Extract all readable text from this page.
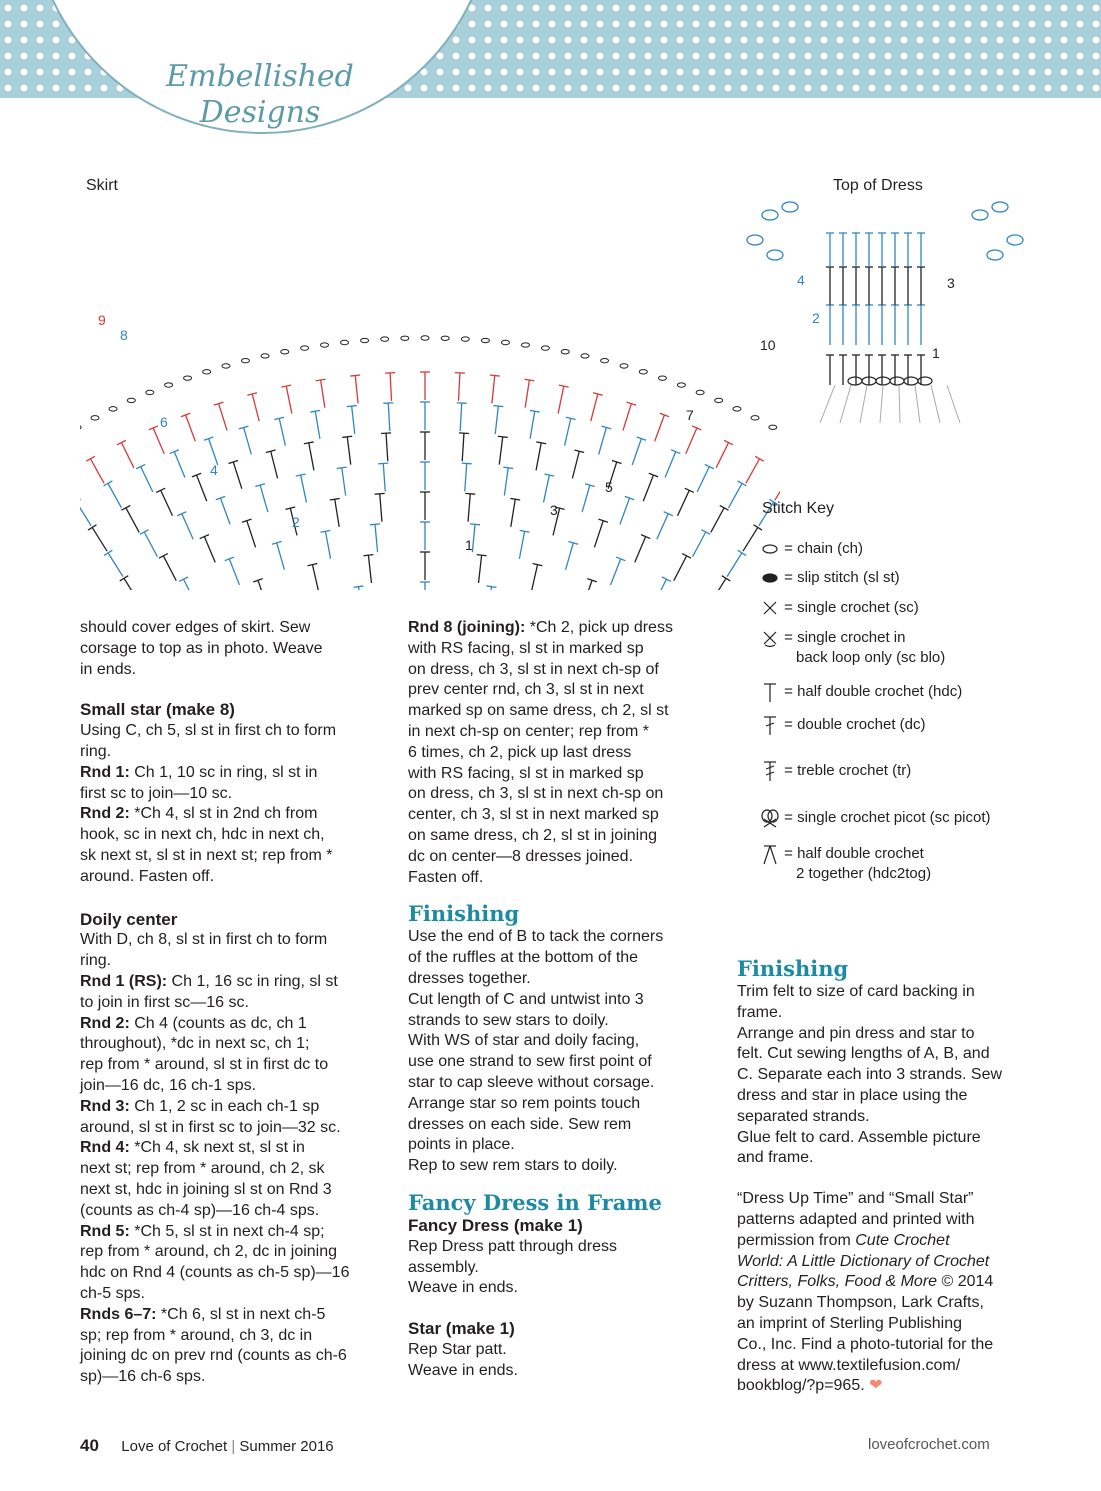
Embellished
Designs
Skirt	Top of Dress
1
2
3
4
5
6	7
8
9
10	1
2
3
4
Stitch Key
= chain (ch)
= slip stitch (sl st)
= single crochet (sc)
= single crochet in
back loop only (sc blo)
= half double crochet (hdc)
= double crochet (dc)
= treble crochet (tr)
= single crochet picot (sc picot)
= half double crochet
2 together (hdc2tog)

should cover edges of skirt. Sew

corsage to top as in photo. Weave

in ends.

Small star (make 8)

Using C, ch 5, sl st in first ch to form

ring.

Rnd 1: Ch 1, 10 sc in ring, sl st in

first sc to join—10 sc.

Rnd 2: *Ch 4, sl st in 2nd ch from

hook, sc in next ch, hdc in next ch,

sk next st, sl st in next st; rep from *

around. Fasten off.

Doily center

With D, ch 8, sl st in first ch to form

ring.

Rnd 1 (RS): Ch 1, 16 sc in ring, sl st

to join in first sc—16 sc.

Rnd 2: Ch 4 (counts as dc, ch 1

throughout), *dc in next sc, ch 1;

rep from * around, sl st in first dc to

join—16 dc, 16 ch-1 sps.

Rnd 3: Ch 1, 2 sc in each ch-1 sp

around, sl st in first sc to join—32 sc.

Rnd 4: *Ch 4, sk next st, sl st in

next st; rep from * around, ch 2, sk

next st, hdc in joining sl st on Rnd 3

(counts as ch-4 sp)—16 ch-4 sps.

Rnd 5: *Ch 5, sl st in next ch-4 sp;

rep from * around, ch 2, dc in joining

hdc on Rnd 4 (counts as ch-5 sp)—16

ch-5 sps.

Rnds 6–7: *Ch 6, sl st in next ch-5

sp; rep from * around, ch 3, dc in

joining dc on prev rnd (counts as ch-6

sp)—16 ch-6 sps.

Rnd 8 (joining): *Ch 2, pick up dress

with RS facing, sl st in marked sp

on dress, ch 3, sl st in next ch-sp of

prev center rnd, ch 3, sl st in next

marked sp on same dress, ch 2, sl st

in next ch-sp on center; rep from *

6 times, ch 2, pick up last dress

with RS facing, sl st in marked sp

on dress, ch 3, sl st in next ch-sp on

center, ch 3, sl st in next marked sp

on same dress, ch 2, sl st in joining

dc on center—8 dresses joined.

Fasten off.

Finishing

Use the end of B to tack the corners

of the ruffles at the bottom of the

dresses together.

Cut length of C and untwist into 3

strands to sew stars to doily.

With WS of star and doily facing,

use one strand to sew first point of

star to cap sleeve without corsage.

Arrange star so rem points touch

dresses on each side. Sew rem

points in place.

Rep to sew rem stars to doily.

Fancy Dress in Frame

Fancy Dress (make 1)

Rep Dress patt through dress

assembly.

Weave in ends.

Star (make 1)

Rep Star patt.

Weave in ends.

Finishing

Trim felt to size of card backing in

frame.

Arrange and pin dress and star to

felt. Cut sewing lengths of A, B, and

C. Separate each into 3 strands. Sew

dress and star in place using the

separated strands.

Glue felt to card. Assemble picture

and frame.

“Dress Up Time” and “Small Star”

patterns adapted and printed with

permission from Cute Crochet

World: A Little Dictionary of Crochet

Critters, Folks, Food & More © 2014

by Suzann Thompson, Lark Crafts,

an imprint of Sterling Publishing

Co., Inc. Find a photo-tutorial for the

dress at www.textilefusion.com/

bookblog/?p=965. ❤

40 Love of Crochet | Summer 2016	loveofcrochet.com
